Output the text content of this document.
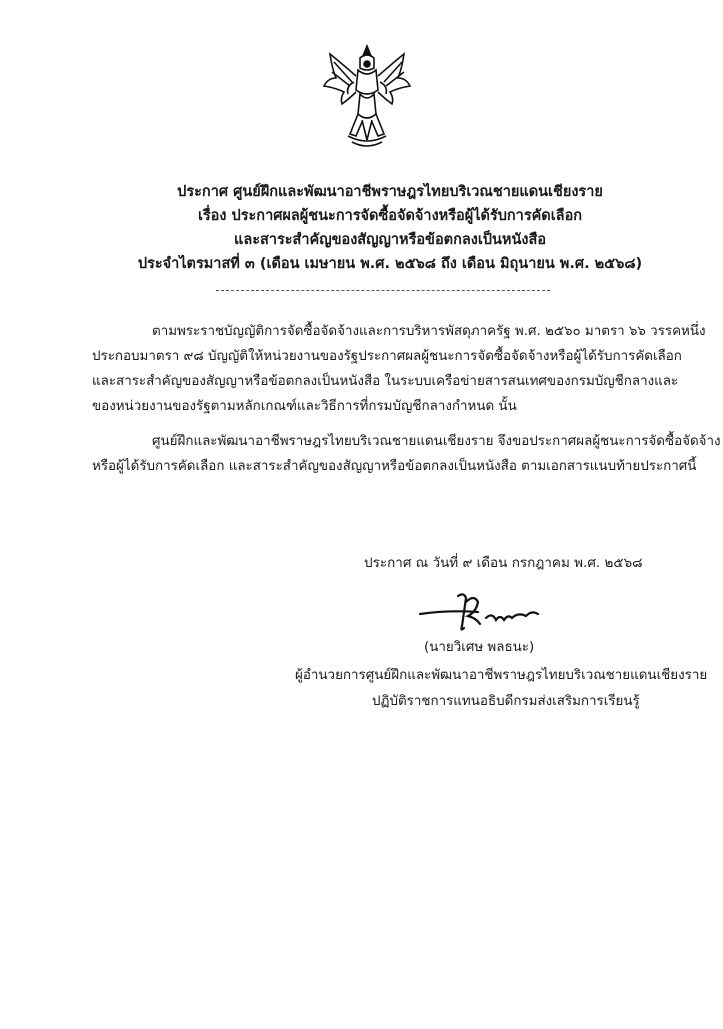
ประกาศ ศูนย์ฝึกและพัฒนาอาชีพราษฎรไทยบริเวณชายแดนเชียงราย
เรื่อง ประกาศผลผู้ชนะการจัดซื้อจัดจ้างหรือผู้ได้รับการคัดเลือก
และสาระสำคัญของสัญญาหรือข้อตกลงเป็นหนังสือ
ประจำไตรมาสที่ ๓ (เดือน เมษายน พ.ศ. ๒๕๖๘ ถึง เดือน มิถุนายน พ.ศ. ๒๕๖๘)
ตามพระราชบัญญัติการจัดซื้อจัดจ้างและการบริหารพัสดุภาครัฐ พ.ศ. ๒๕๖๐ มาตรา ๖๖ วรรคหนึ่ง
ประกอบมาตรา ๙๘ บัญญัติให้หน่วยงานของรัฐประกาศผลผู้ชนะการจัดซื้อจัดจ้างหรือผู้ได้รับการคัดเลือก
และสาระสำคัญของสัญญาหรือข้อตกลงเป็นหนังสือ ในระบบเครือข่ายสารสนเทศของกรมบัญชีกลางและ
ของหน่วยงานของรัฐตามหลักเกณฑ์และวิธีการที่กรมบัญชีกลางกำหนด นั้น
ศูนย์ฝึกและพัฒนาอาชีพราษฎรไทยบริเวณชายแดนเชียงราย จึงขอประกาศผลผู้ชนะการจัดซื้อจัดจ้าง
หรือผู้ได้รับการคัดเลือก และสาระสำคัญของสัญญาหรือข้อตกลงเป็นหนังสือ ตามเอกสารแนบท้ายประกาศนี้
ประกาศ ณ วันที่ ๙ เดือน กรกฎาคม พ.ศ. ๒๕๖๘
(นายวิเศษ พลธนะ)
ผู้อำนวยการศูนย์ฝึกและพัฒนาอาชีพราษฎรไทยบริเวณชายแดนเชียงราย
ปฏิบัติราชการแทนอธิบดีกรมส่งเสริมการเรียนรู้
